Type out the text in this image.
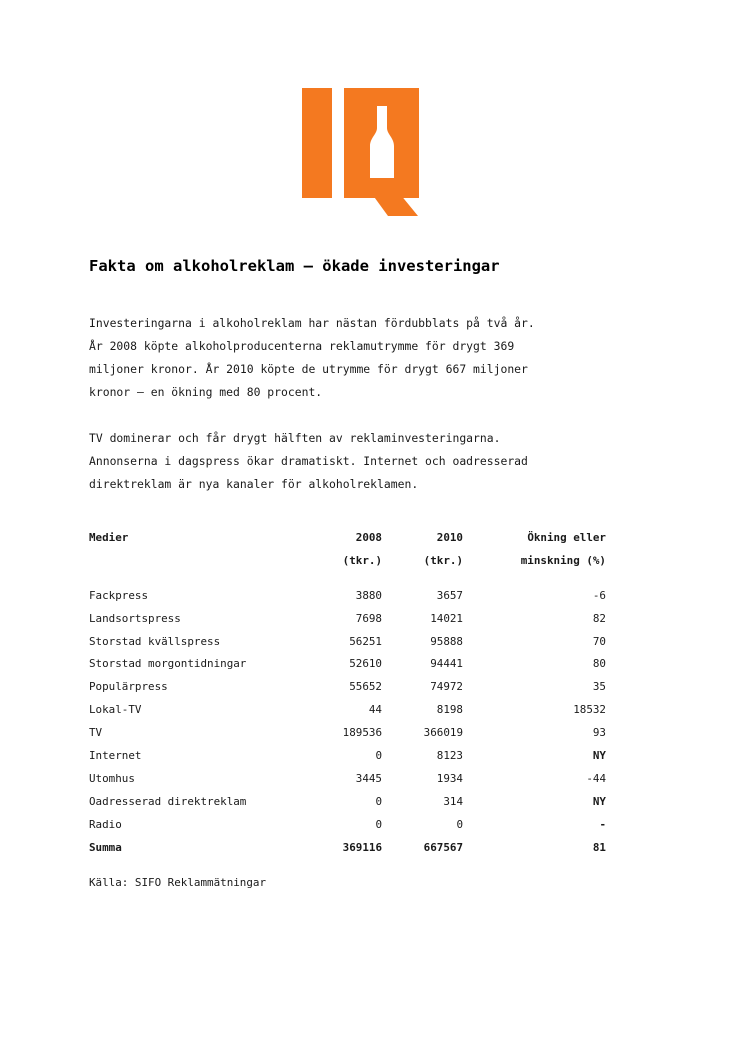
Fakta om alkoholreklam – ökade investeringar
Investeringarna i alkoholreklam har nästan fördubblats på två år.
År 2008 köpte alkoholproducenterna reklamutrymme för drygt 369
miljoner kronor. År 2010 köpte de utrymme för drygt 667 miljoner
kronor – en ökning med 80 procent.
TV dominerar och får drygt hälften av reklaminvesteringarna.
Annonserna i dagspress ökar dramatiskt. Internet och oadresserad
direktreklam är nya kanaler för alkoholreklamen.
Medier	2008	2010	Ökning eller
	(tkr.)	(tkr.)	minskning (%)

Fackpress	3880	3657	-6
Landsortspress	7698	14021	82
Storstad kvällspress	56251	95888	70
Storstad morgontidningar	52610	94441	80
Populärpress	55652	74972	35
Lokal-TV	44	8198	18532
TV	189536	366019	93
Internet	0	8123	NY
Utomhus	3445	1934	-44
Oadresserad direktreklam	0	314	NY
Radio	0	0	-
Summa	369116	667567	81
Källa: SIFO Reklammätningar
